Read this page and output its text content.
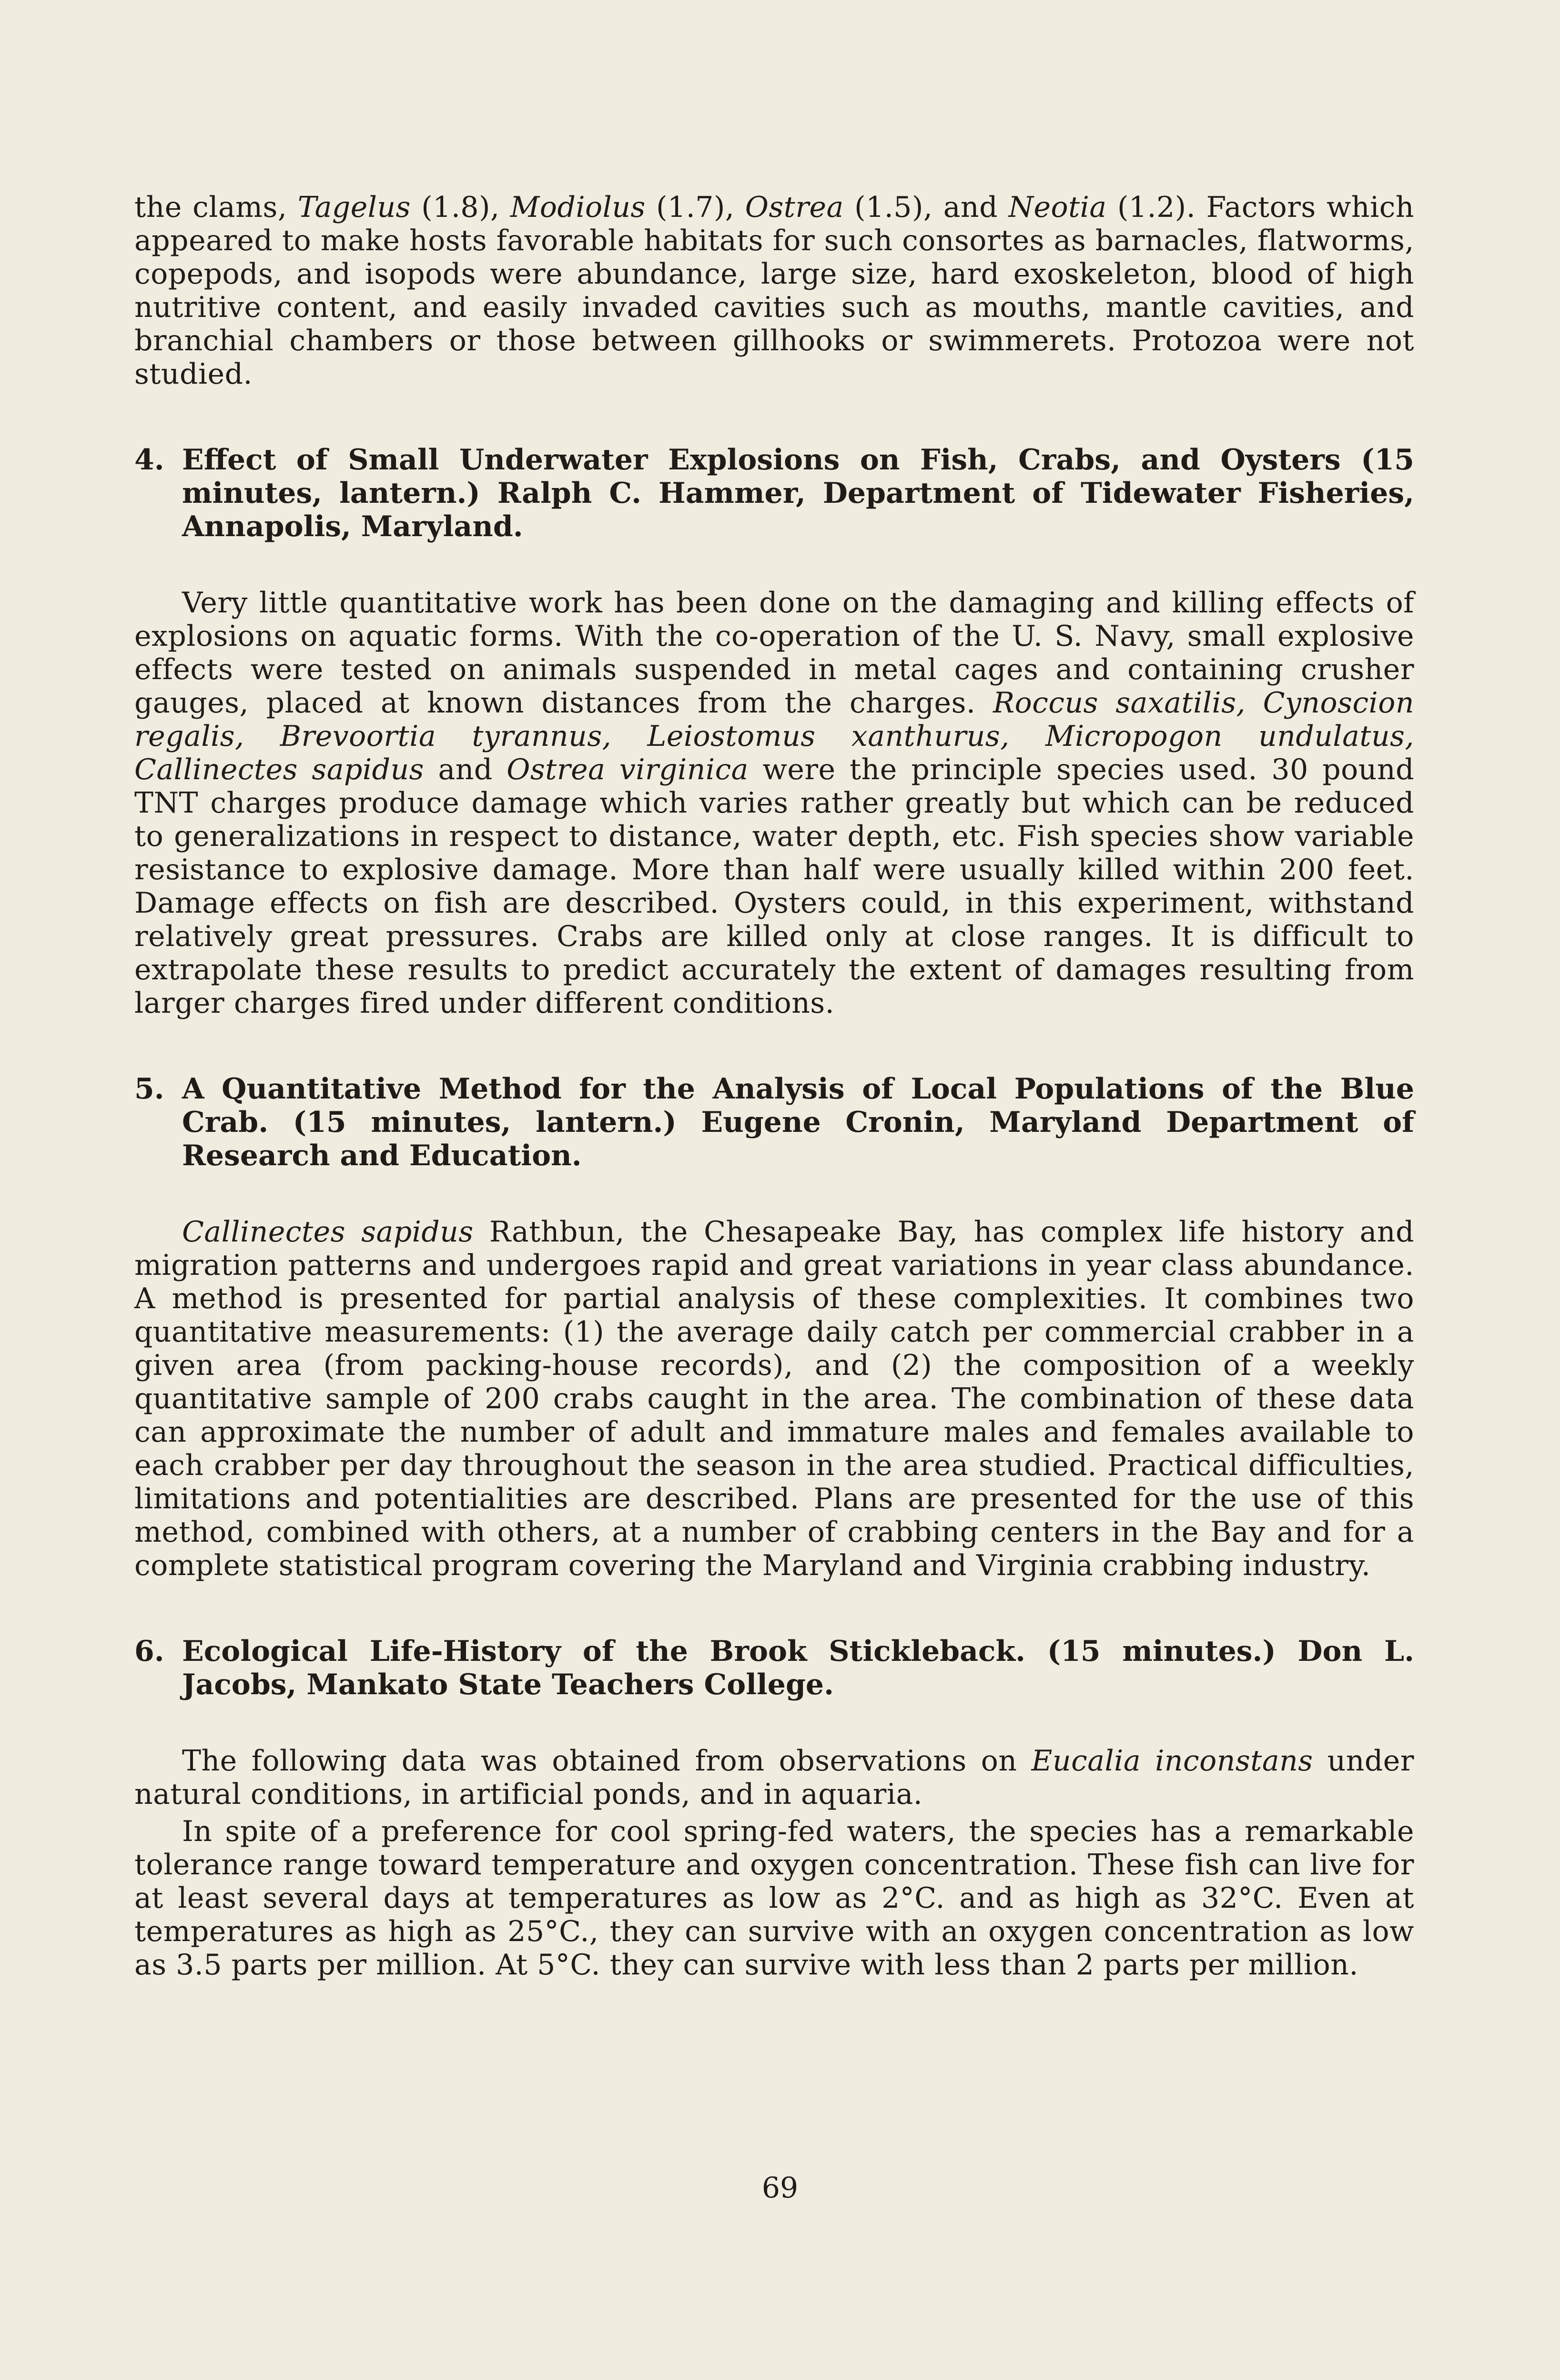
the clams, Tagelus (1.8), Modiolus (1.7), Ostrea (1.5), and Neotia (1.2). Factors which appeared to make hosts favorable habitats for such consortes as barnacles, flatworms, copepods, and isopods were abundance, large size, hard exoskeleton, blood of high nutritive content, and easily invaded cavities such as mouths, mantle cavities, and branchial chambers or those between gillhooks or swimmerets. Protozoa were not studied.

4. Effect of Small Underwater Explosions on Fish, Crabs, and Oysters (15 minutes, lantern.) Ralph C. Hammer, Department of Tidewater Fisheries, Annapolis, Maryland.

Very little quantitative work has been done on the damaging and killing effects of explosions on aquatic forms. With the co-operation of the U. S. Navy, small explosive effects were tested on animals suspended in metal cages and containing crusher gauges, placed at known distances from the charges. Roccus saxatilis, Cynoscion regalis, Brevoortia tyrannus, Leiostomus xanthurus, Micropogon undulatus, Callinectes sapidus and Ostrea virginica were the principle species used. 30 pound TNT charges produce damage which varies rather greatly but which can be reduced to generalizations in respect to distance, water depth, etc. Fish species show variable resistance to explosive damage. More than half were usually killed within 200 feet. Damage effects on fish are described. Oysters could, in this experiment, withstand relatively great pressures. Crabs are killed only at close ranges. It is difficult to extrapolate these results to predict accurately the extent of damages resulting from larger charges fired under different conditions.

5. A Quantitative Method for the Analysis of Local Populations of the Blue Crab. (15 minutes, lantern.) Eugene Cronin, Maryland Department of Research and Education.

Callinectes sapidus Rathbun, the Chesapeake Bay, has complex life history and migration patterns and undergoes rapid and great variations in year class abundance. A method is presented for partial analysis of these complexities. It combines two quantitative measurements: (1) the average daily catch per commercial crabber in a given area (from packing-house records), and (2) the composition of a weekly quantitative sample of 200 crabs caught in the area. The combination of these data can approximate the number of adult and immature males and females available to each crabber per day throughout the season in the area studied. Practical difficulties, limitations and potentialities are described. Plans are presented for the use of this method, combined with others, at a number of crabbing centers in the Bay and for a complete statistical program covering the Maryland and Virginia crabbing industry.

6. Ecological Life-History of the Brook Stickleback. (15 minutes.) Don L. Jacobs, Mankato State Teachers College.

The following data was obtained from observations on Eucalia inconstans under natural conditions, in artificial ponds, and in aquaria.

In spite of a preference for cool spring-fed waters, the species has a remarkable tolerance range toward temperature and oxygen concentration. These fish can live for at least several days at temperatures as low as 2°C. and as high as 32°C. Even at temperatures as high as 25°C., they can survive with an oxygen concentration as low as 3.5 parts per million. At 5°C. they can survive with less than 2 parts per million.

69
